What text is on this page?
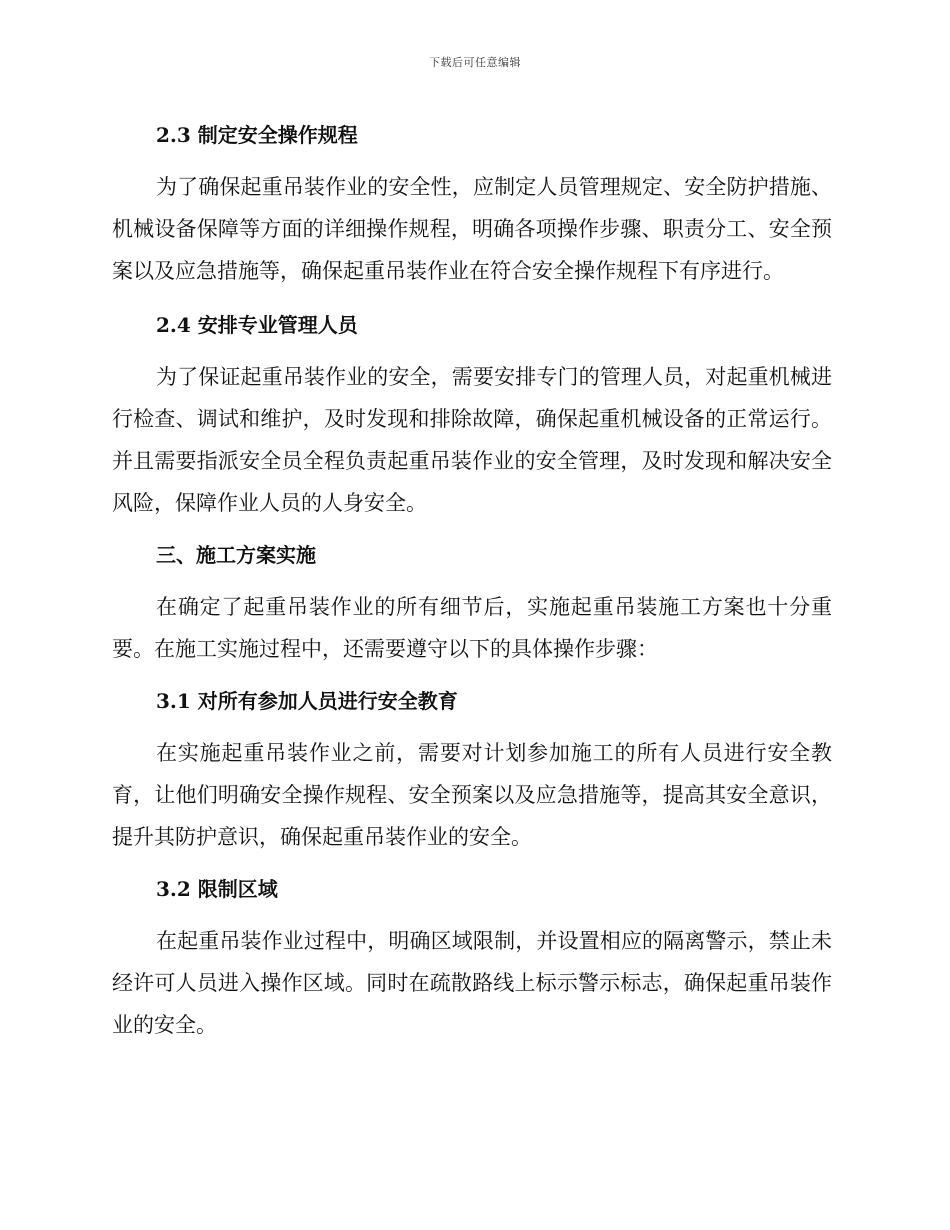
下载后可任意编辑
2.3 制定安全操作规程

为了确保起重吊装作业的安全性，应制定人员管理规定、安全防护措施、机械设备保障等方面的详细操作规程，明确各项操作步骤、职责分工、安全预案以及应急措施等，确保起重吊装作业在符合安全操作规程下有序进行。

2.4 安排专业管理人员

为了保证起重吊装作业的安全，需要安排专门的管理人员，对起重机械进行检查、调试和维护，及时发现和排除故障，确保起重机械设备的正常运行。并且需要指派安全员全程负责起重吊装作业的安全管理，及时发现和解决安全风险，保障作业人员的人身安全。

三、施工方案实施

在确定了起重吊装作业的所有细节后，实施起重吊装施工方案也十分重要。在施工实施过程中，还需要遵守以下的具体操作步骤：

3.1 对所有参加人员进行安全教育

在实施起重吊装作业之前，需要对计划参加施工的所有人员进行安全教育，让他们明确安全操作规程、安全预案以及应急措施等，提高其安全意识，提升其防护意识，确保起重吊装作业的安全。

3.2 限制区域

在起重吊装作业过程中，明确区域限制，并设置相应的隔离警示，禁止未经许可人员进入操作区域。同时在疏散路线上标示警示标志，确保起重吊装作业的安全。
